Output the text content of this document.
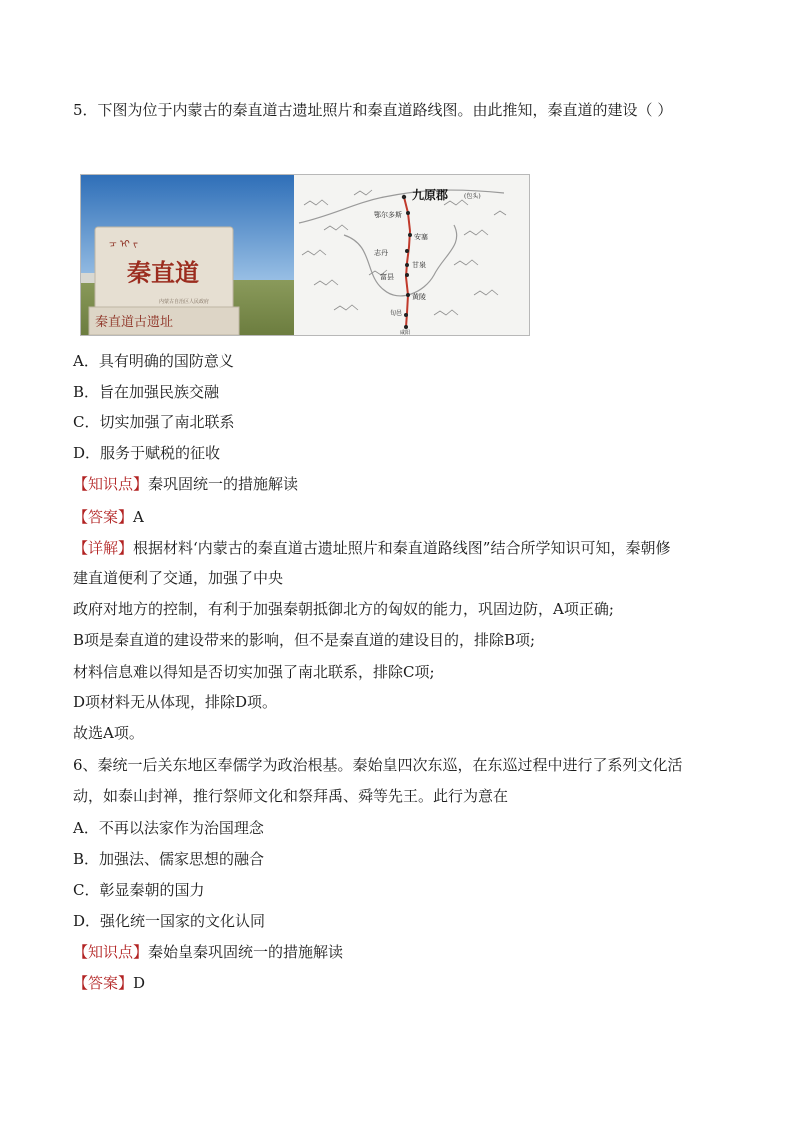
5．下图为位于内蒙古的秦直道古遗址照片和秦直道路线图。由此推知，秦直道的建设（ ）
ᠴ ᠢ ᠵ
秦直道
内蒙古自治区人民政府
秦直道古遗址
九原郡	(包头)
鄂尔多斯
安塞
志丹
甘泉
富县
黄陵
旬邑
咸阳
A．具有明确的国防意义
B．旨在加强民族交融
C．切实加强了南北联系
D．服务于赋税的征收
【知识点】秦巩固统一的措施解读
【答案】A
【详解】根据材料‘内蒙古的秦直道古遗址照片和秦直道路线图”结合所学知识可知，秦朝修
建直道便利了交通，加强了中央
政府对地方的控制，有利于加强秦朝抵御北方的匈奴的能力，巩固边防，A项正确;
B项是秦直道的建设带来的影响，但不是秦直道的建设目的，排除B项;
材料信息难以得知是否切实加强了南北联系，排除C项;
D项材料无从体现，排除D项。
故选A项。
6、秦统一后关东地区奉儒学为政治根基。秦始皇四次东巡，在东巡过程中进行了系列文化活
动，如泰山封禅，推行祭师文化和祭拜禹、舜等先王。此行为意在
A．不再以法家作为治国理念
B．加强法、儒家思想的融合
C．彰显秦朝的国力
D．强化统一国家的文化认同
【知识点】秦始皇秦巩固统一的措施解读
【答案】D
